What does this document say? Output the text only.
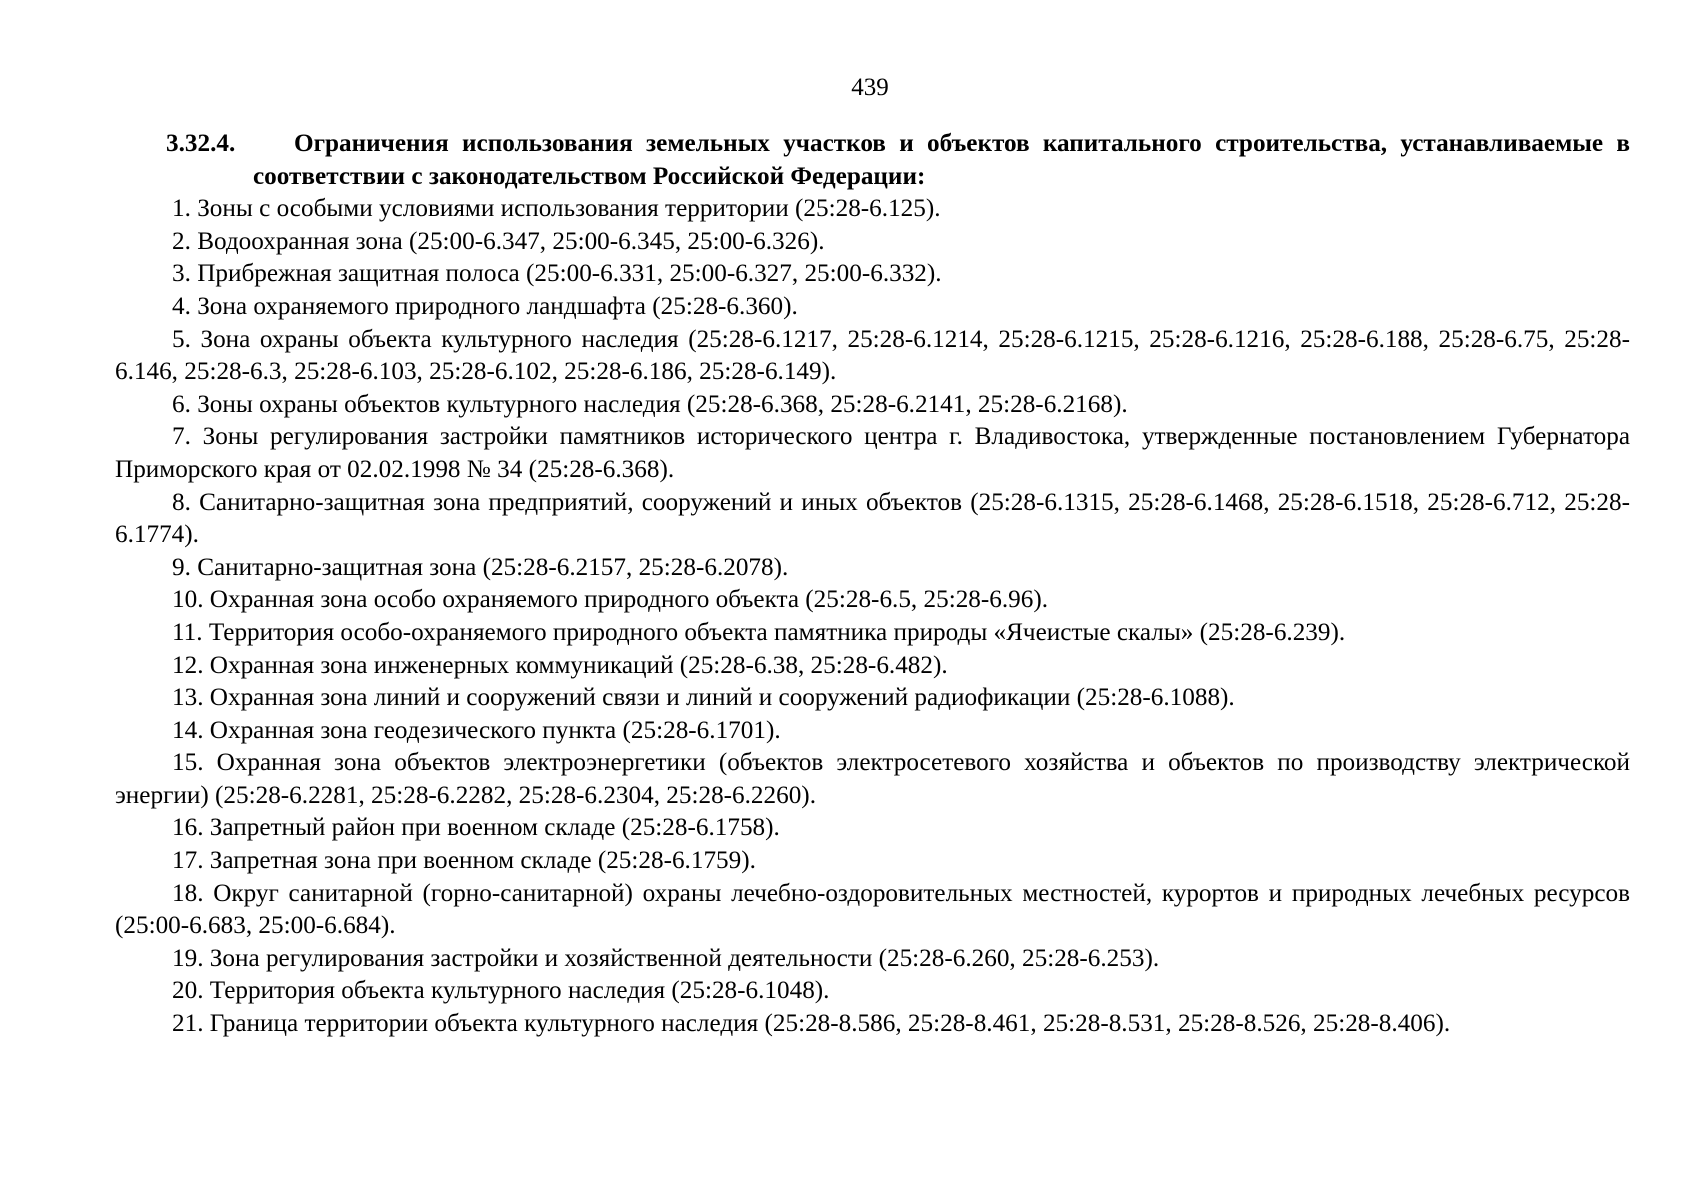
439

3.32.4. Ограничения использования земельных участков и объектов капитального строительства, устанавливаемые в соответствии с законодательством Российской Федерации:

1. Зоны с особыми условиями использования территории (25:28-6.125).

2. Водоохранная зона (25:00-6.347, 25:00-6.345, 25:00-6.326).

3. Прибрежная защитная полоса (25:00-6.331, 25:00-6.327, 25:00-6.332).

4. Зона охраняемого природного ландшафта (25:28-6.360).

5. Зона охраны объекта культурного наследия (25:28-6.1217, 25:28-6.1214, 25:28-6.1215, 25:28-6.1216, 25:28-6.188, 25:28-6.75, 25:28-6.146, 25:28-6.3, 25:28-6.103, 25:28-6.102, 25:28-6.186, 25:28-6.149).

6. Зоны охраны объектов культурного наследия (25:28-6.368, 25:28-6.2141, 25:28-6.2168).

7. Зоны регулирования застройки памятников исторического центра г. Владивостока, утвержденные постановлением Губернатора Приморского края от 02.02.1998 № 34 (25:28-6.368).

8. Санитарно-защитная зона предприятий, сооружений и иных объектов (25:28-6.1315, 25:28-6.1468, 25:28-6.1518, 25:28-6.712, 25:28-6.1774).

9. Санитарно-защитная зона (25:28-6.2157, 25:28-6.2078).

10. Охранная зона особо охраняемого природного объекта (25:28-6.5, 25:28-6.96).

11. Территория особо-охраняемого природного объекта памятника природы «Ячеистые скалы» (25:28-6.239).

12. Охранная зона инженерных коммуникаций (25:28-6.38, 25:28-6.482).

13. Охранная зона линий и сооружений связи и линий и сооружений радиофикации (25:28-6.1088).

14. Охранная зона геодезического пункта (25:28-6.1701).

15. Охранная зона объектов электроэнергетики (объектов электросетевого хозяйства и объектов по производству электрической энергии) (25:28-6.2281, 25:28-6.2282, 25:28-6.2304, 25:28-6.2260).

16. Запретный район при военном складе (25:28-6.1758).

17. Запретная зона при военном складе (25:28-6.1759).

18. Округ санитарной (горно-санитарной) охраны лечебно-оздоровительных местностей, курортов и природных лечебных ресурсов (25:00-6.683, 25:00-6.684).

19. Зона регулирования застройки и хозяйственной деятельности (25:28-6.260, 25:28-6.253).

20. Территория объекта культурного наследия (25:28-6.1048).

21. Граница территории объекта культурного наследия (25:28-8.586, 25:28-8.461, 25:28-8.531, 25:28-8.526, 25:28-8.406).
